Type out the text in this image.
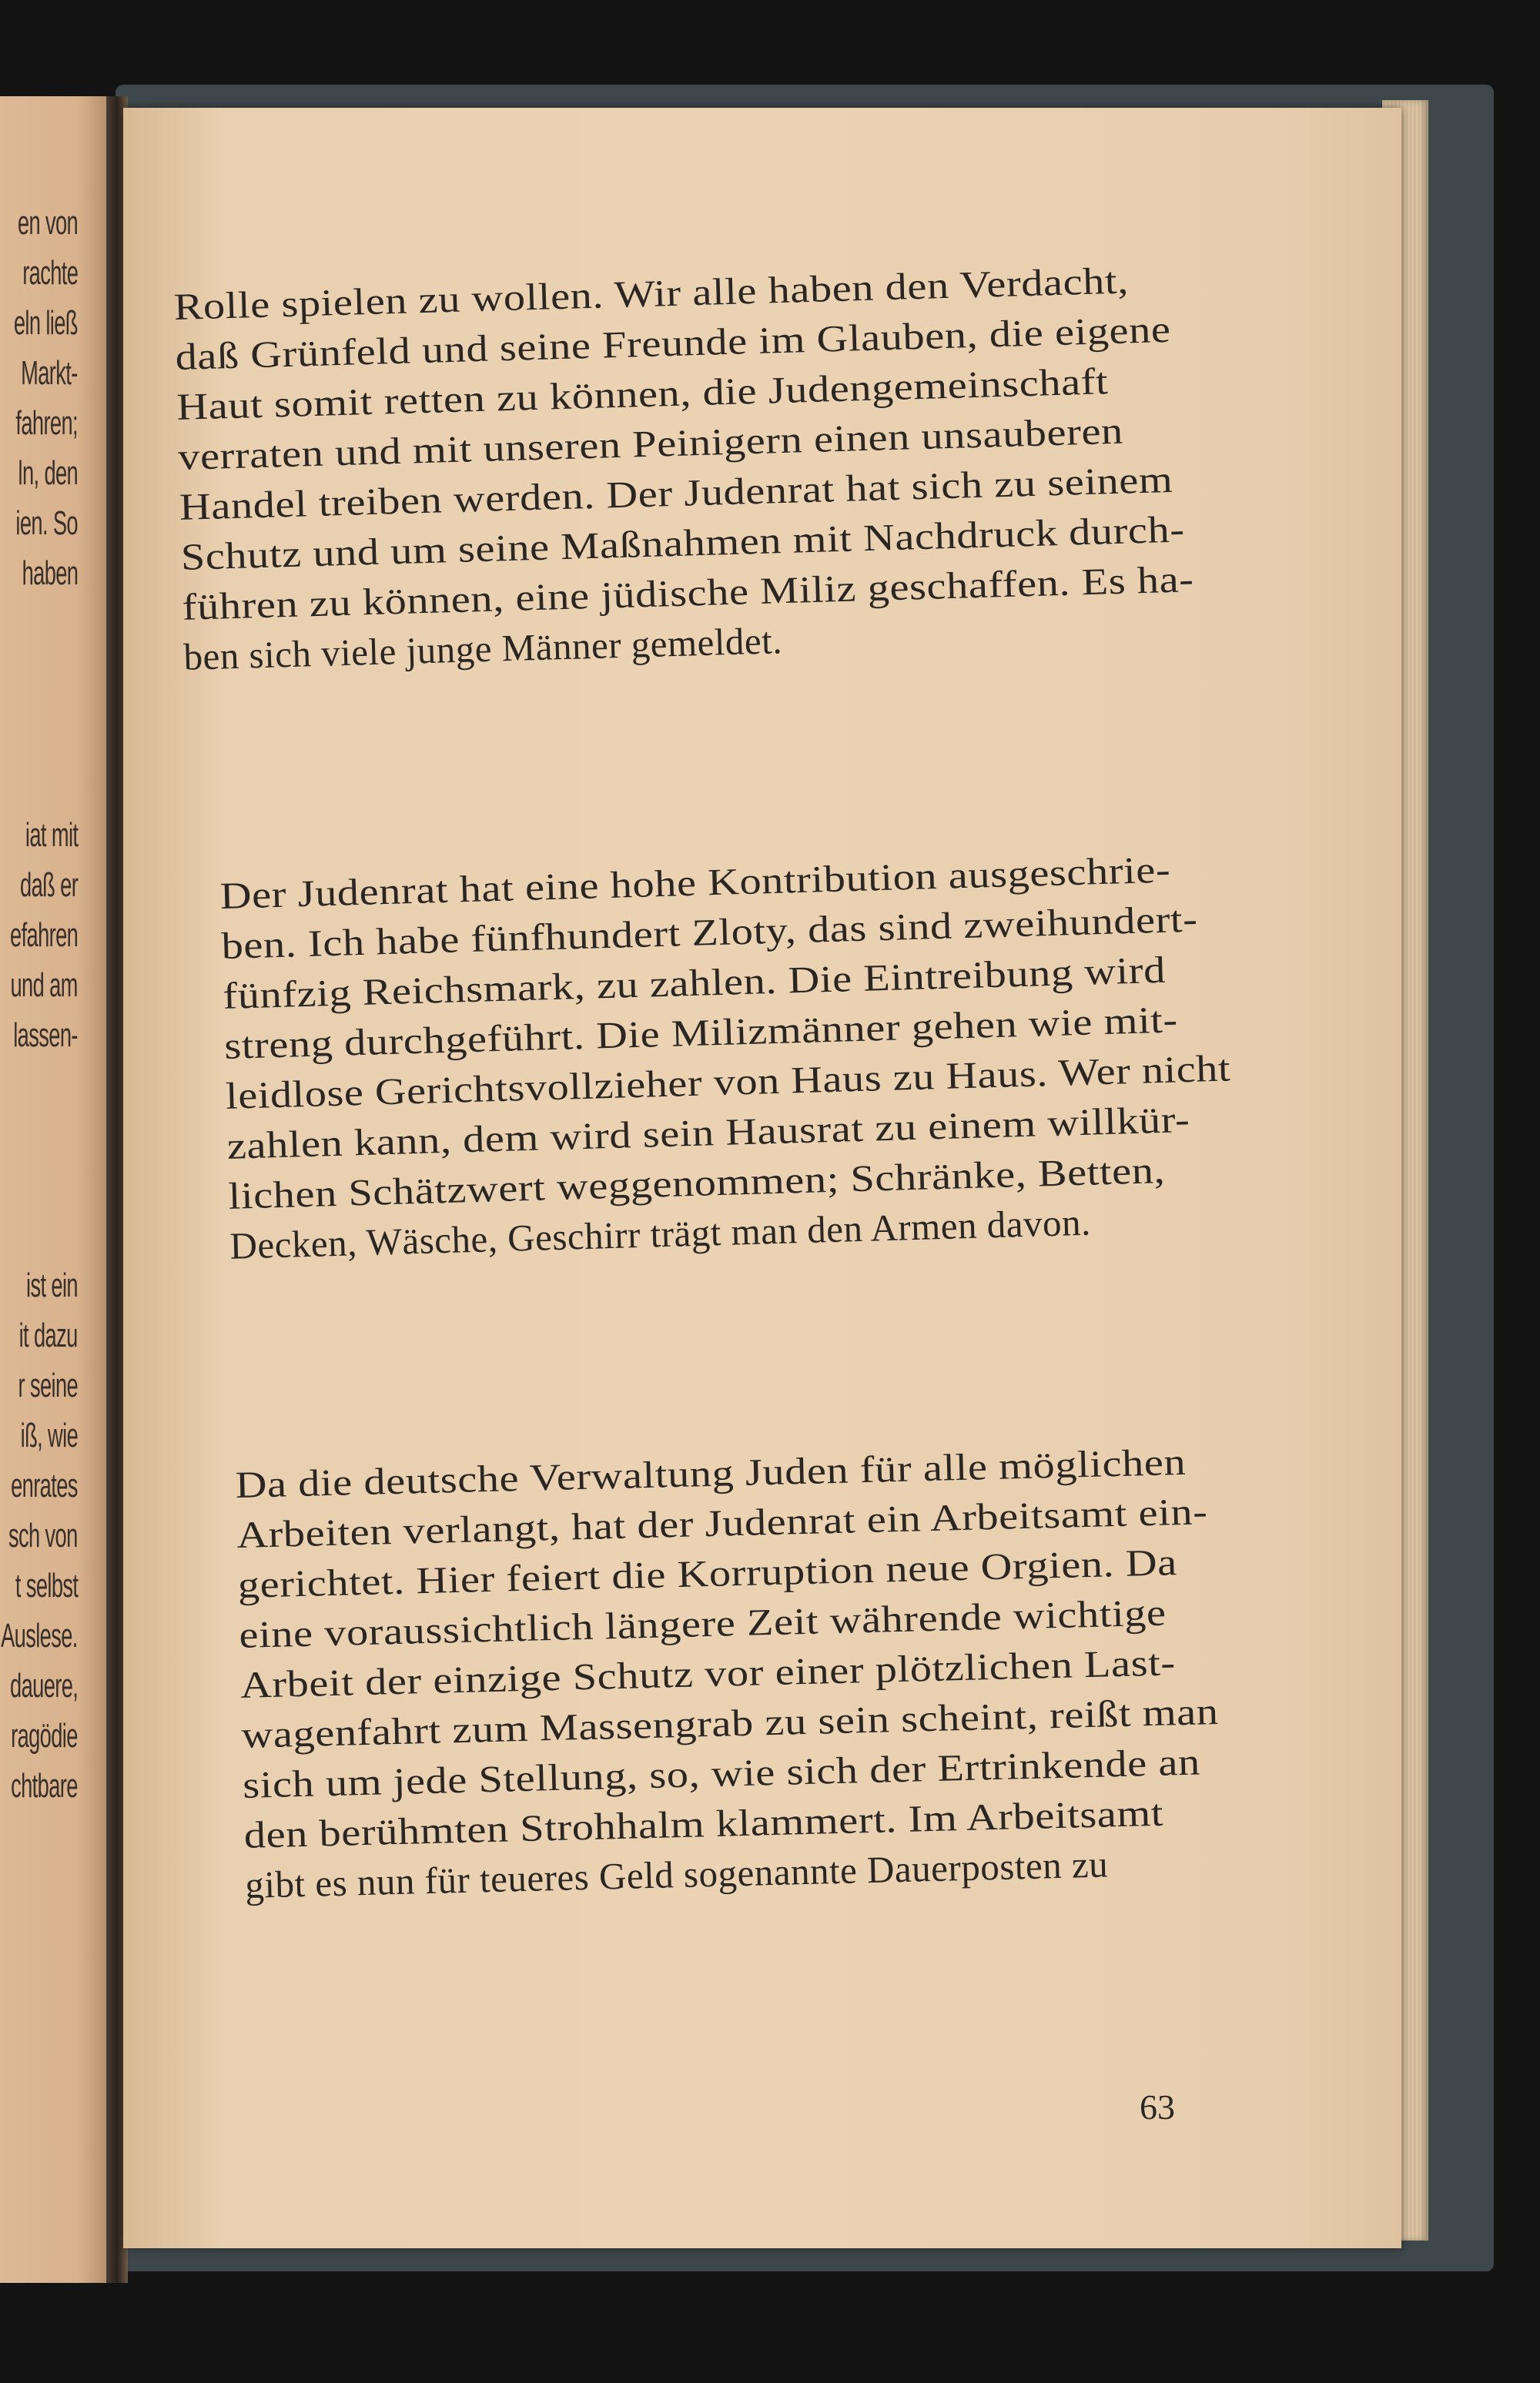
en von
rachte
eln ließ
Markt-
fahren;
ln, den
ien. So
haben
iat mit
daß er
efahren
und am
lassen-
ist ein
it dazu
r seine
iß, wie
enrates
sch von
t selbst
Auslese.
dauere,
ragödie
chtbare
Rolle spielen zu wollen. Wir alle haben den Verdacht,
daß Grünfeld und seine Freunde im Glauben, die eigene
Haut somit retten zu können, die Judengemeinschaft
verraten und mit unseren Peinigern einen unsauberen
Handel treiben werden. Der Judenrat hat sich zu seinem
Schutz und um seine Maßnahmen mit Nachdruck durch-
führen zu können, eine jüdische Miliz geschaffen. Es ha-
ben sich viele junge Männer gemeldet.
Der Judenrat hat eine hohe Kontribution ausgeschrie-
ben. Ich habe fünfhundert Zloty, das sind zweihundert-
fünfzig Reichsmark, zu zahlen. Die Eintreibung wird
streng durchgeführt. Die Milizmänner gehen wie mit-
leidlose Gerichtsvollzieher von Haus zu Haus. Wer nicht
zahlen kann, dem wird sein Hausrat zu einem willkür-
lichen Schätzwert weggenommen; Schränke, Betten,
Decken, Wäsche, Geschirr trägt man den Armen davon.
Da die deutsche Verwaltung Juden für alle möglichen
Arbeiten verlangt, hat der Judenrat ein Arbeitsamt ein-
gerichtet. Hier feiert die Korruption neue Orgien. Da
eine voraussichtlich längere Zeit währende wichtige
Arbeit der einzige Schutz vor einer plötzlichen Last-
wagenfahrt zum Massengrab zu sein scheint, reißt man
sich um jede Stellung, so, wie sich der Ertrinkende an
den berühmten Strohhalm klammert. Im Arbeitsamt
gibt es nun für teueres Geld sogenannte Dauerposten zu
63
